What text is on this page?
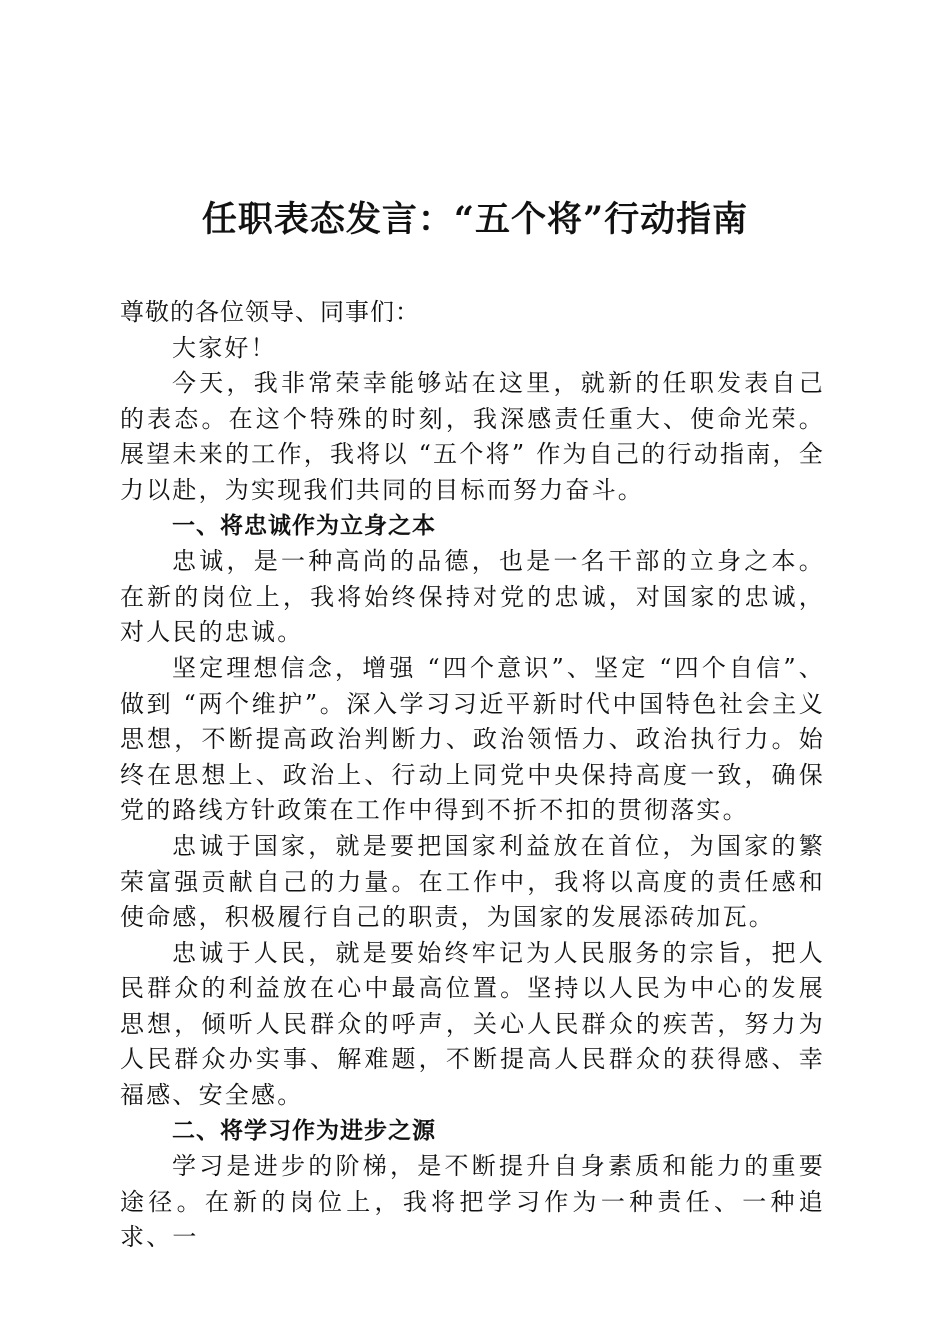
任职表态发言：“五个将”行动指南

尊敬的各位领导、同事们：

大家好！

今天，我非常荣幸能够站在这里，就新的任职发表自己的表态。在这个特殊的时刻，我深感责任重大、使命光荣。展望未来的工作，我将以 “五个将” 作为自己的行动指南，全力以赴，为实现我们共同的目标而努力奋斗。

一、将忠诚作为立身之本

忠诚，是一种高尚的品德，也是一名干部的立身之本。在新的岗位上，我将始终保持对党的忠诚，对国家的忠诚，对人民的忠诚。

坚定理想信念，增强 “四个意识”、坚定 “四个自信”、做到 “两个维护”。深入学习习近平新时代中国特色社会主义思想，不断提高政治判断力、政治领悟力、政治执行力。始终在思想上、政治上、行动上同党中央保持高度一致，确保党的路线方针政策在工作中得到不折不扣的贯彻落实。

忠诚于国家，就是要把国家利益放在首位，为国家的繁荣富强贡献自己的力量。在工作中，我将以高度的责任感和使命感，积极履行自己的职责，为国家的发展添砖加瓦。

忠诚于人民，就是要始终牢记为人民服务的宗旨，把人民群众的利益放在心中最高位置。坚持以人民为中心的发展思想，倾听人民群众的呼声，关心人民群众的疾苦，努力为人民群众办实事、解难题，不断提高人民群众的获得感、幸福感、安全感。

二、将学习作为进步之源

学习是进步的阶梯，是不断提升自身素质和能力的重要途径。在新的岗位上，我将把学习作为一种责任、一种追求、一
